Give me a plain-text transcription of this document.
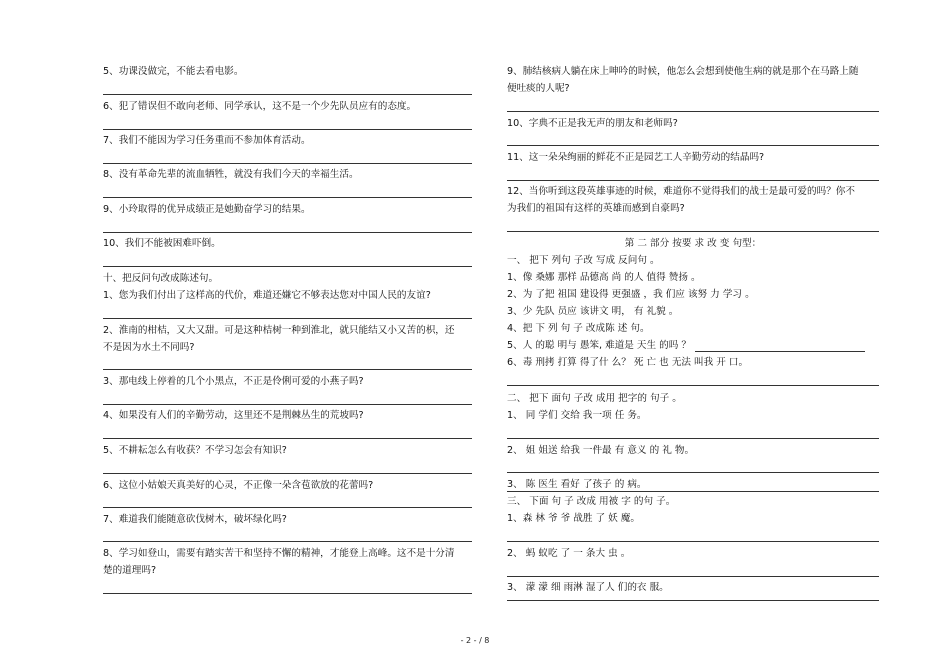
5、功课没做完，不能去看电影。
6、犯了错误但不敢向老师、同学承认，这不是一个少先队员应有的态度。
7、我们不能因为学习任务重而不参加体育活动。
8、没有革命先辈的流血牺牲，就没有我们今天的幸福生活。
9、小玲取得的优异成绩正是她勤奋学习的结果。
10、我们不能被困难吓倒。
十、把反问句改成陈述句。
1、您为我们付出了这样高的代价，难道还嫌它不够表达您对中国人民的友谊?
2、淮南的柑桔，又大又甜。可是这种桔树一种到淮北，就只能结又小又苦的枳，还
不是因为水土不同吗?
3、那电线上停着的几个小黑点，不正是伶俐可爱的小燕子吗?
4、如果没有人们的辛勤劳动，这里还不是荆棘丛生的荒坡吗?
5、不耕耘怎么有收获？不学习怎会有知识?
6、这位小姑娘天真美好的心灵，不正像一朵含苞欲放的花蕾吗?
7、难道我们能随意砍伐树木，破坏绿化吗?
8、学习如登山，需要有踏实苦干和坚持不懈的精神，才能登上高峰。这不是十分清
楚的道理吗?
9、肺结核病人躺在床上呻吟的时候，他怎么会想到使他生病的就是那个在马路上随
便吐痰的人呢?
10、字典不正是我无声的朋友和老师吗?
11、这一朵朵绚丽的鲜花不正是园艺工人辛勤劳动的结晶吗?
12、当你听到这段英雄事迹的时候，难道你不觉得我们的战士是最可爱的吗？你不
为我们的祖国有这样的英雄而感到自豪吗?
第 二 部分 按要 求 改 变 句型：
一、 把下 列句 子改 写成 反问句 。
1、像 桑娜 那样 品德高 尚 的人 值得 赞扬 。
2、为 了把 祖国 建设得 更强盛 ，我 们应 该努 力 学习 。
3、少 先队 员应 该讲文 明， 有 礼貌 。
4、把 下 列 句 子 改成陈 述 句。
5、人 的聪 明与 愚笨, 难道是 天生 的吗 ？
6、毒 刑拷 打算 得了什 么？ 死 亡 也 无法 叫我 开 口。
二、 把下 面句 子改 成用 把字的 句子 。
1、 同 学们 交给 我一项 任 务。
2、 姐 姐送 给我 一件最 有 意义 的 礼 物。
3、 陈 医生 看好 了孩子 的 病。
三、 下面 句 子 改成 用被 字 的句 子。
1、森 林 爷 爷 战胜 了 妖 魔。
2、 蚂 蚁吃 了 一 条大 虫 。
3、 濛 濛 细 雨淋 湿了人 们的衣 服。
- 2 - / 8
